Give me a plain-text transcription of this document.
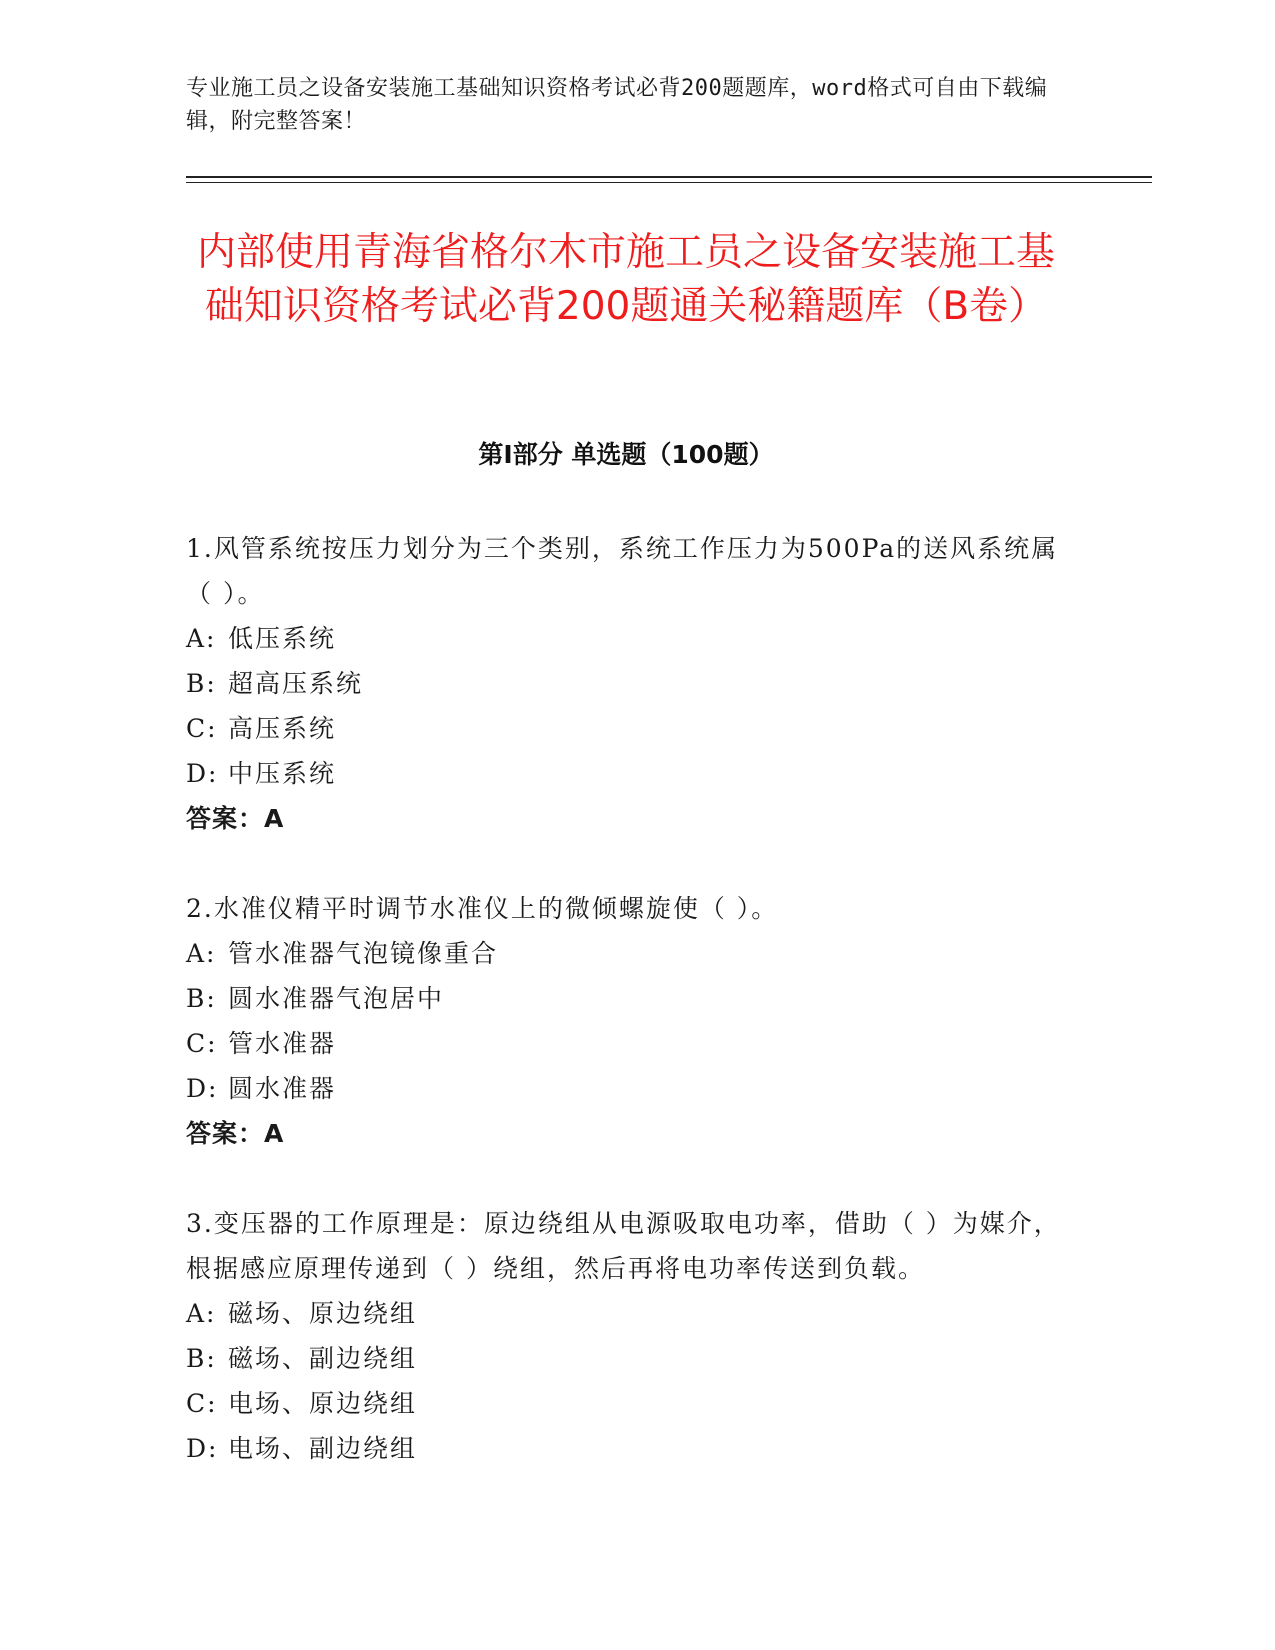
专业施工员之设备安装施工基础知识资格考试必背200题题库，word格式可自由下载编辑，附完整答案！
内部使用青海省格尔木市施工员之设备安装施工基础知识资格考试必背200题通关秘籍题库（B卷）
第I部分 单选题（100题）

1.风管系统按压力划分为三个类别，系统工作压力为500Pa的送风系统属（ ）。

A: 低压系统

B: 超高压系统

C: 高压系统

D: 中压系统

答案：A

2.水准仪精平时调节水准仪上的微倾螺旋使（ ）。

A: 管水准器气泡镜像重合

B: 圆水准器气泡居中

C: 管水准器

D: 圆水准器

答案：A

3.变压器的工作原理是：原边绕组从电源吸取电功率，借助（ ）为媒介，根据感应原理传递到（ ）绕组，然后再将电功率传送到负载。

A: 磁场、原边绕组

B: 磁场、副边绕组

C: 电场、原边绕组

D: 电场、副边绕组
